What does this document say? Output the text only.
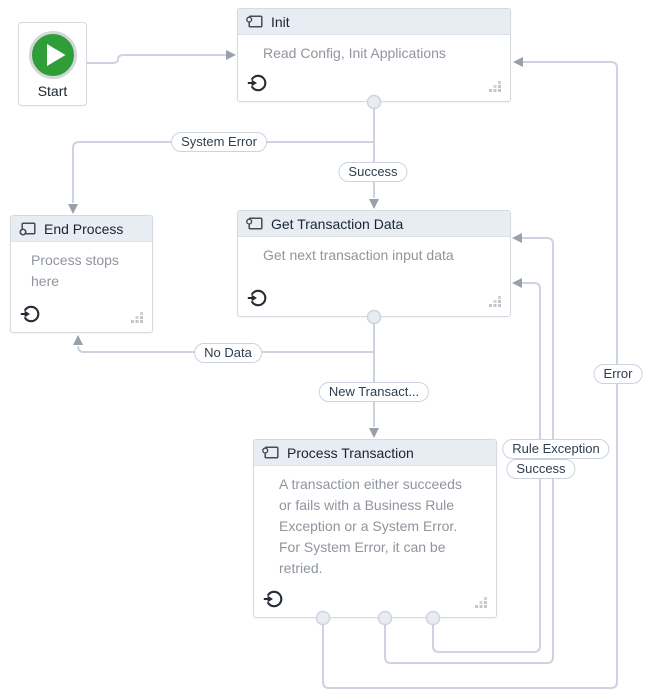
Start
Init
Read Config, Init Applications
End Process
Process stops here
Get Transaction Data
Get next transaction input data
Process Transaction
A transaction either succeeds or fails with a Business Rule Exception or a System Error. For System Error, it can be retried.
System Error
Success
No Data
New Transact...
Rule Exception
Success
Error
